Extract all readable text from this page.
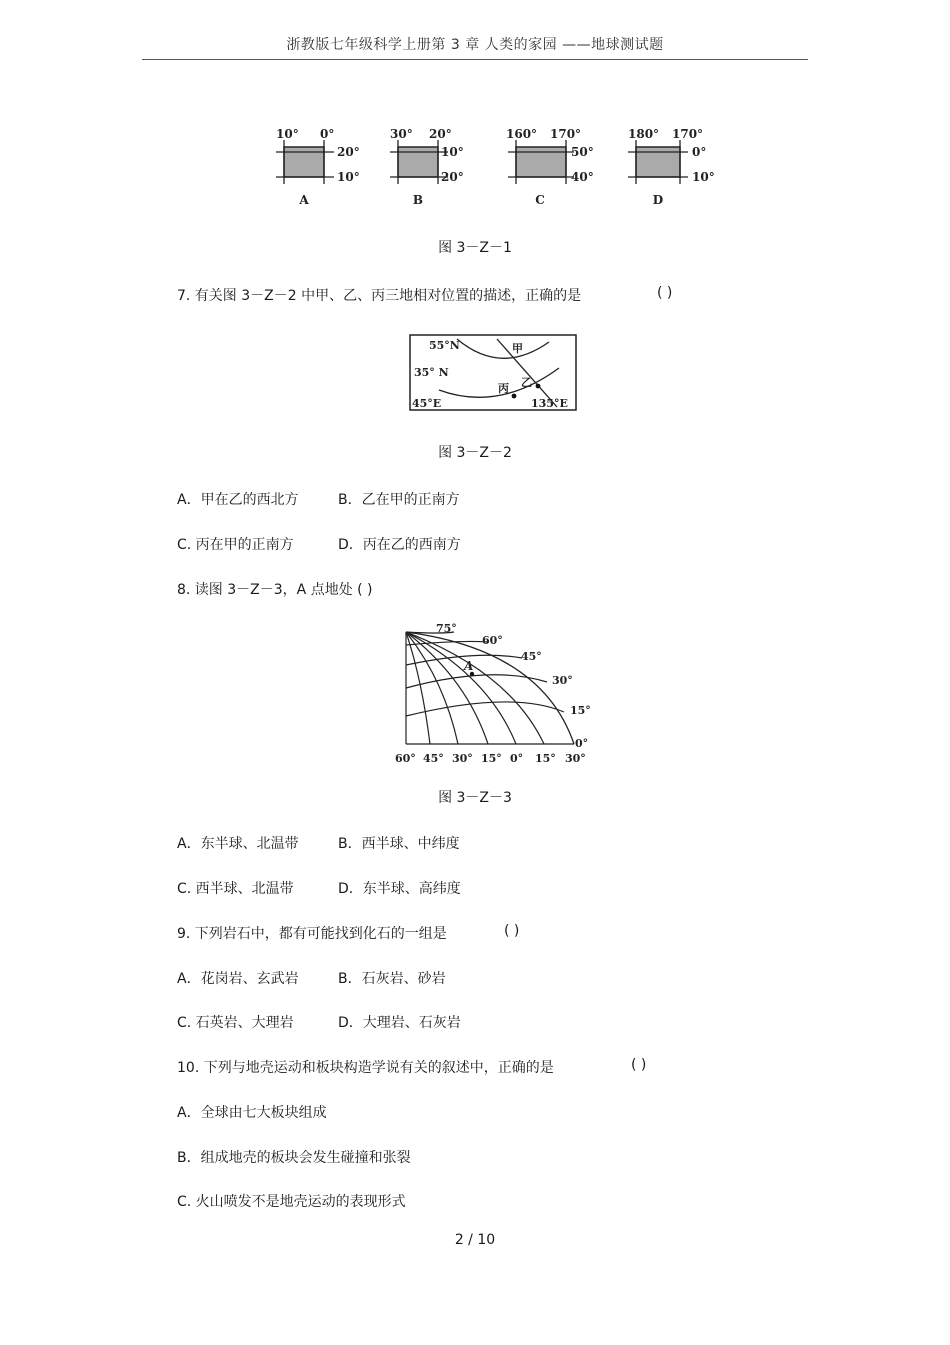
浙教版七年级科学上册第 3 章 人类的家园 ——地球测试题
10° 0°
20°
10°
A
30° 20°
10°
20°
B
160° 170°
50°
40°
C
180° 170°
0°
10°
D
图 3－Z－1
7. 有关图 3－Z－2 中甲、乙、丙三地相对位置的描述，正确的是	( )
55°N
35° N
45°E	135°E
甲
乙
丙
图 3－Z－2
A．甲在乙的西北方	B．乙在甲的正南方
C. 丙在甲的正南方	D．丙在乙的西南方
8. 读图 3－Z－3，A 点地处 ( )
A
75°
60°
45°
30°
15°
0°
60° 45° 30° 15° 0° 15° 30°
图 3－Z－3
A．东半球、北温带	B．西半球、中纬度
C. 西半球、北温带	D．东半球、高纬度
9. 下列岩石中，都有可能找到化石的一组是	( )
A．花岗岩、玄武岩	B．石灰岩、砂岩
C. 石英岩、大理岩	D．大理岩、石灰岩
10. 下列与地壳运动和板块构造学说有关的叙述中，正确的是	( )
A．全球由七大板块组成
B．组成地壳的板块会发生碰撞和张裂
C. 火山喷发不是地壳运动的表现形式
2 / 10
